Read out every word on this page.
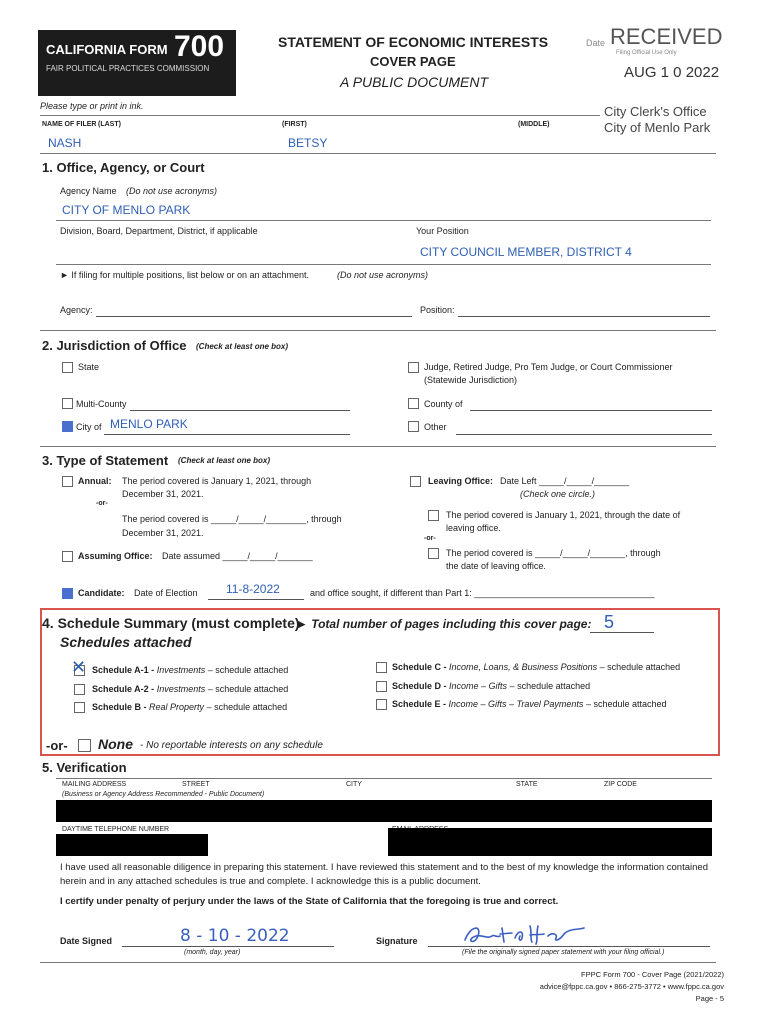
CALIFORNIA FORM 700
FAIR POLITICAL PRACTICES COMMISSION
STATEMENT OF ECONOMIC INTERESTS
COVER PAGE
A PUBLIC DOCUMENT
Date RECEIVED
Filing Official Use Only
AUG 1 0 2022
City Clerk's Office
City of Menlo Park
Please type or print in ink.
NAME OF FILER (LAST)	(FIRST)	(MIDDLE)
NASH	BETSY
1. Office, Agency, or Court
Agency Name (Do not use acronyms)
CITY OF MENLO PARK
Division, Board, Department, District, if applicable	Your Position
CITY COUNCIL MEMBER, DISTRICT 4
► If filing for multiple positions, list below or on an attachment.	(Do not use acronyms)
Agency:	Position:
2. Jurisdiction of Office (Check at least one box)
State	Judge, Retired Judge, Pro Tem Judge, or Court Commissioner
(Statewide Jurisdiction)
Multi-County	County of
City of MENLO PARK	Other
3. Type of Statement (Check at least one box)
Annual: The period covered is January 1, 2021, through
December 31, 2021.
-or-
The period covered is _____/_____/________, through
December 31, 2021.
Leaving Office: Date Left _____/_____/_______
(Check one circle.)
The period covered is January 1, 2021, through the date of
leaving office.
-or-
The period covered is _____/_____/_______, through
the date of leaving office.
Assuming Office: Date assumed _____/_____/_______
Candidate: Date of Election 11-8-2022	and office sought, if different than Part 1: ____________________________________
4. Schedule Summary (must complete)
► Total number of pages including this cover page: 5
Schedules attached
✕ Schedule A-1 - Investments – schedule attached
Schedule A-2 - Investments – schedule attached
Schedule B - Real Property – schedule attached
Schedule C - Income, Loans, & Business Positions – schedule attached
Schedule D - Income – Gifts – schedule attached
Schedule E - Income – Gifts – Travel Payments – schedule attached
-or- None - No reportable interests on any schedule
5. Verification
MAILING ADDRESS	STREET	CITY	STATE	ZIP CODE
(Business or Agency Address Recommended - Public Document)
DAYTIME TELEPHONE NUMBER
I have used all reasonable diligence in preparing this statement. I have reviewed this statement and to the best of my knowledge the information contained
herein and in any attached schedules is true and complete. I acknowledge this is a public document.
I certify under penalty of perjury under the laws of the State of California that the foregoing is true and correct.
Date Signed	8 - 10 - 2022
(month, day, year)
Signature
(File the originally signed paper statement with your filing official.)
FPPC Form 700 - Cover Page (2021/2022)
advice@fppc.ca.gov • 866-275-3772 • www.fppc.ca.gov
Page - 5
